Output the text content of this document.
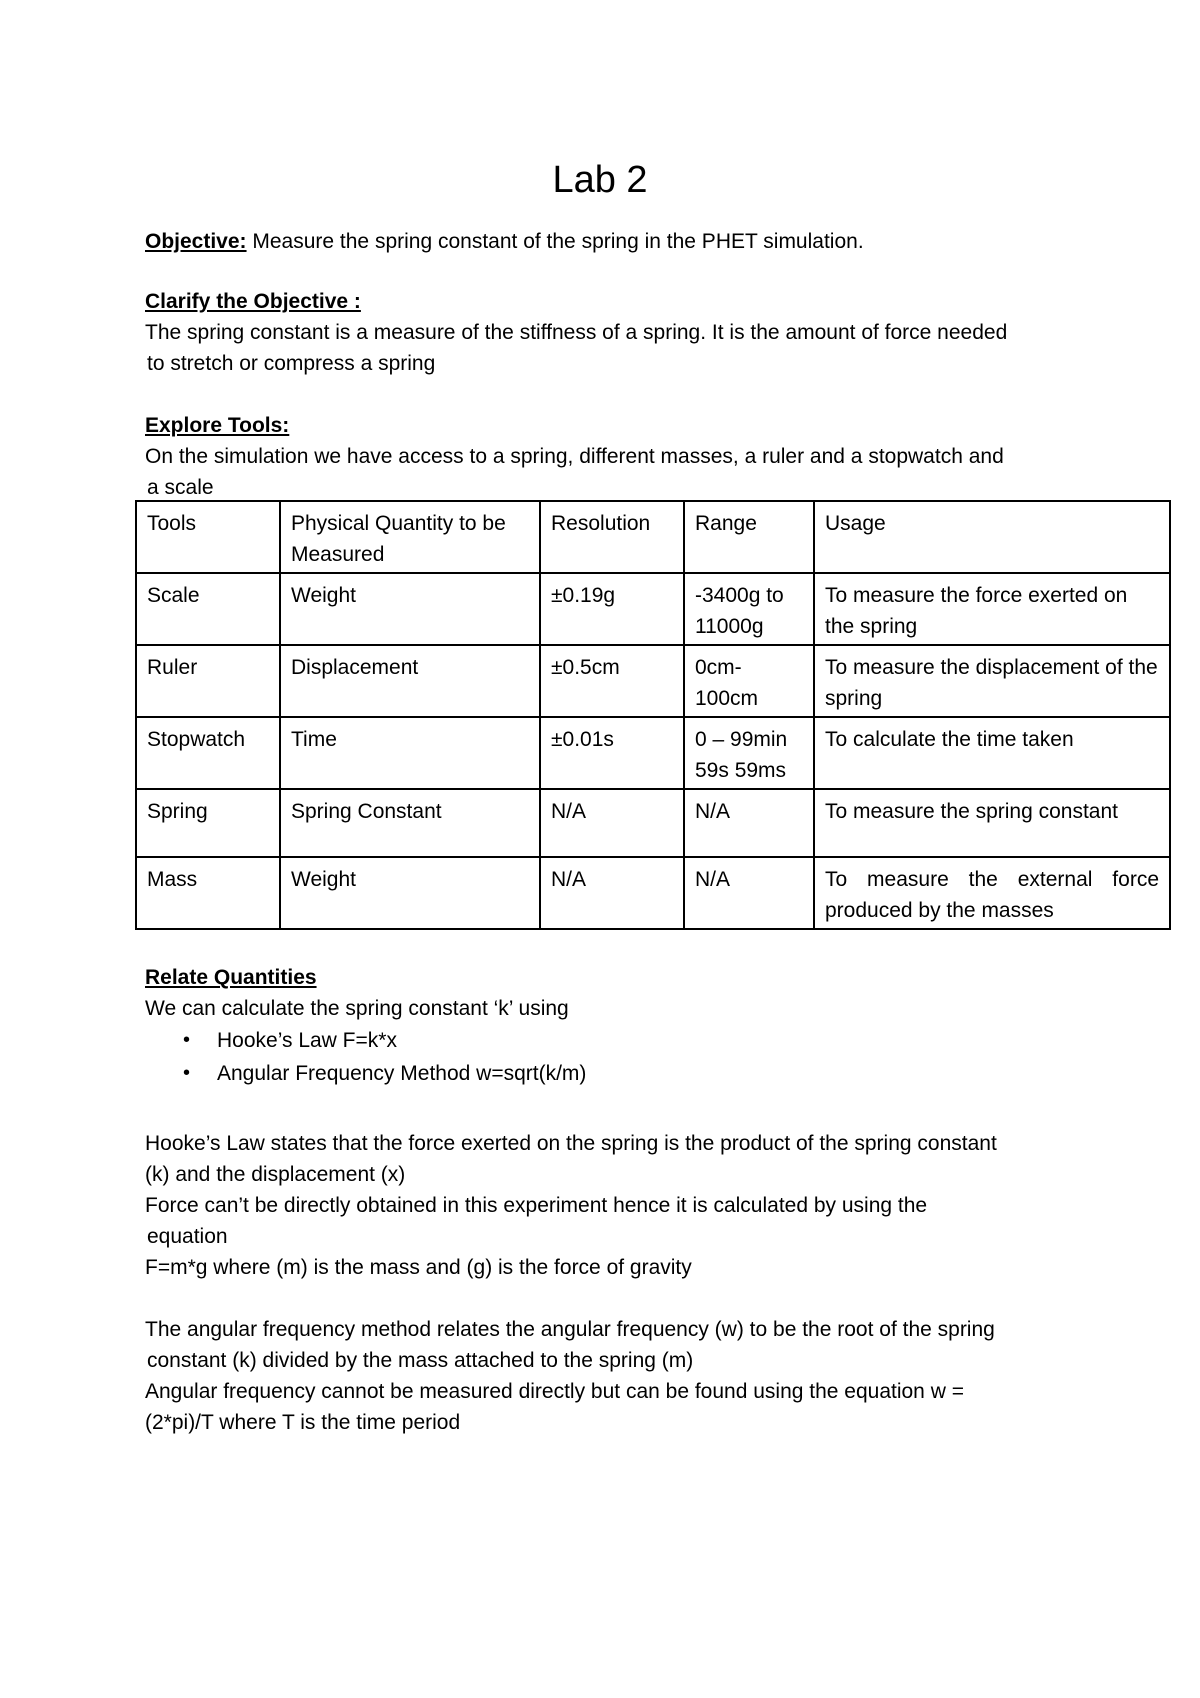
Lab 2
Objective: Measure the spring constant of the spring in the PHET simulation.
Clarify the Objective :
The spring constant is a measure of the stiffness of a spring. It is the amount of force needed
to stretch or compress a spring
Explore Tools:
On the simulation we have access to a spring, different masses, a ruler and a stopwatch and
a scale
Tools	Physical Quantity to be Measured	Resolution	Range	Usage
Scale	Weight	±0.19g	-3400g to 11000g	To measure the force exerted on the spring
Ruler	Displacement	±0.5cm	0cm-100cm	To measure the displacement of the spring
Stopwatch	Time	±0.01s	0 – 99min 59s 59ms	To calculate the time taken
Spring	Spring Constant	N/A	N/A	To measure the spring constant
Mass	Weight	N/A	N/A	To measure the external force produced by the masses
Relate Quantities
We can calculate the spring constant ‘k’ using
• Hooke’s Law F=k*x
• Angular Frequency Method w=sqrt(k/m)
Hooke’s Law states that the force exerted on the spring is the product of the spring constant
(k) and the displacement (x)
Force can’t be directly obtained in this experiment hence it is calculated by using the
equation
F=m*g where (m) is the mass and (g) is the force of gravity
The angular frequency method relates the angular frequency (w) to be the root of the spring
constant (k) divided by the mass attached to the spring (m)
Angular frequency cannot be measured directly but can be found using the equation w =
(2*pi)/T where T is the time period
